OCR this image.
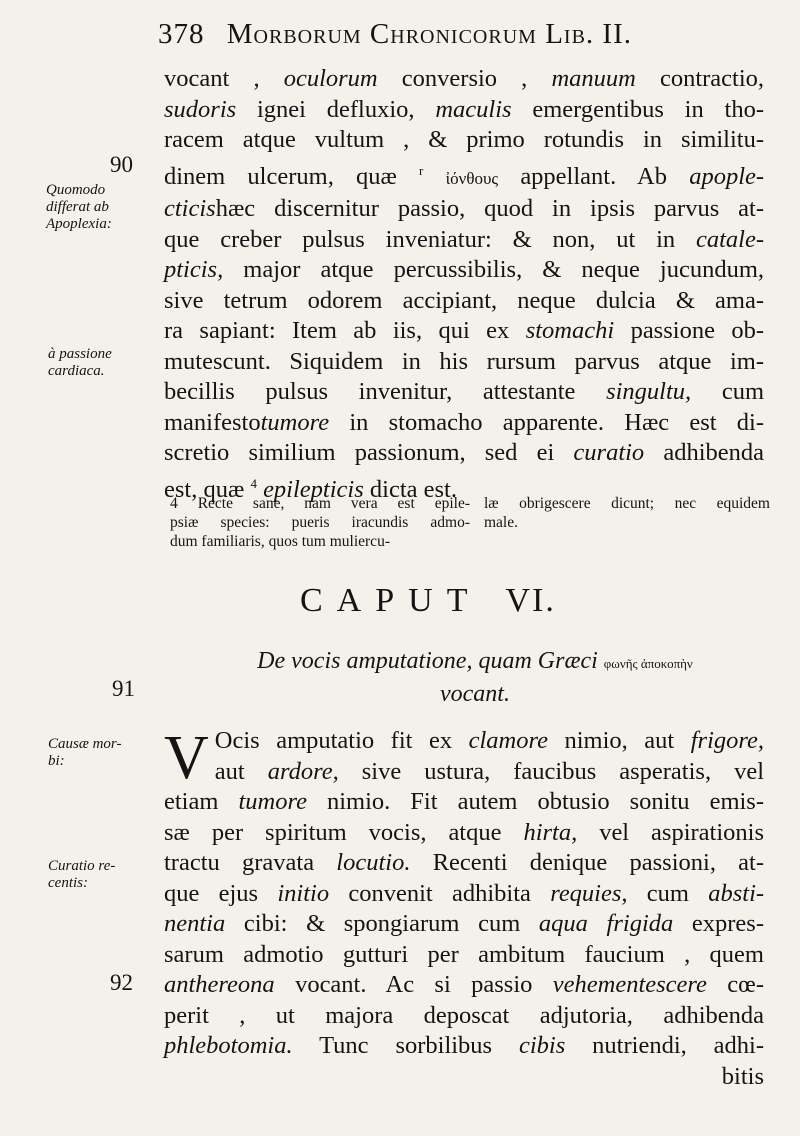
378 Morborum Chronicorum Lib. II.
90
Quomodo
differat ab
Apoplexia:
à passione
cardiaca.
91
Causæ mor-
bi:
Curatio re-
centis:
92
vocant , oculorum conversio , manuum contractio,
sudoris ignei defluxio, maculis emergentibus in tho-
racem atque vultum , & primo rotundis in similitu-
dinem ulcerum, quæ $^r$ ἰόνθους appellant. Ab apople-
cticishæc discernitur passio, quod in ipsis parvus at-
que creber pulsus inveniatur: & non, ut in catale-
pticis, major atque percussibilis, & neque jucundum,
sive tetrum odorem accipiant, neque dulcia & ama-
ra sapiant: Item ab iis, qui ex stomachi passione ob-
mutescunt. Siquidem in his rursum parvus atque im-
becillis pulsus invenitur, attestante singultu, cum
manifestotumore in stomacho apparente. Hæc est di-
scretio similium passionum, sed ei curatio adhibenda
est, quæ $^4$ epilepticis dicta est.
4 Recte sane, nam vera est epile-
psiæ species: pueris iracundis admo-
dum familiaris, quos tum muliercu-
læ obrigescere dicunt; nec equidem
male.
CAPUT VI.
De vocis amputatione, quam Græci φωνῆς ἀποκοπὴν
vocant.
V Ocis amputatio fit ex clamore nimio, aut frigore,
aut ardore, sive ustura, faucibus asperatis, vel
etiam tumore nimio. Fit autem obtusio sonitu emis-
sæ per spiritum vocis, atque hirta, vel aspirationis
tractu gravata locutio. Recenti denique passioni, at-
que ejus initio convenit adhibita requies, cum absti-
nentia cibi: & spongiarum cum aqua frigida expres-
sarum admotio gutturi per ambitum faucium , quem
anthereona vocant. Ac si passio vehementescere cœ-
perit , ut majora deposcat adjutoria, adhibenda
phlebotomia. Tunc sorbilibus cibis nutriendi, adhi-
bitis
